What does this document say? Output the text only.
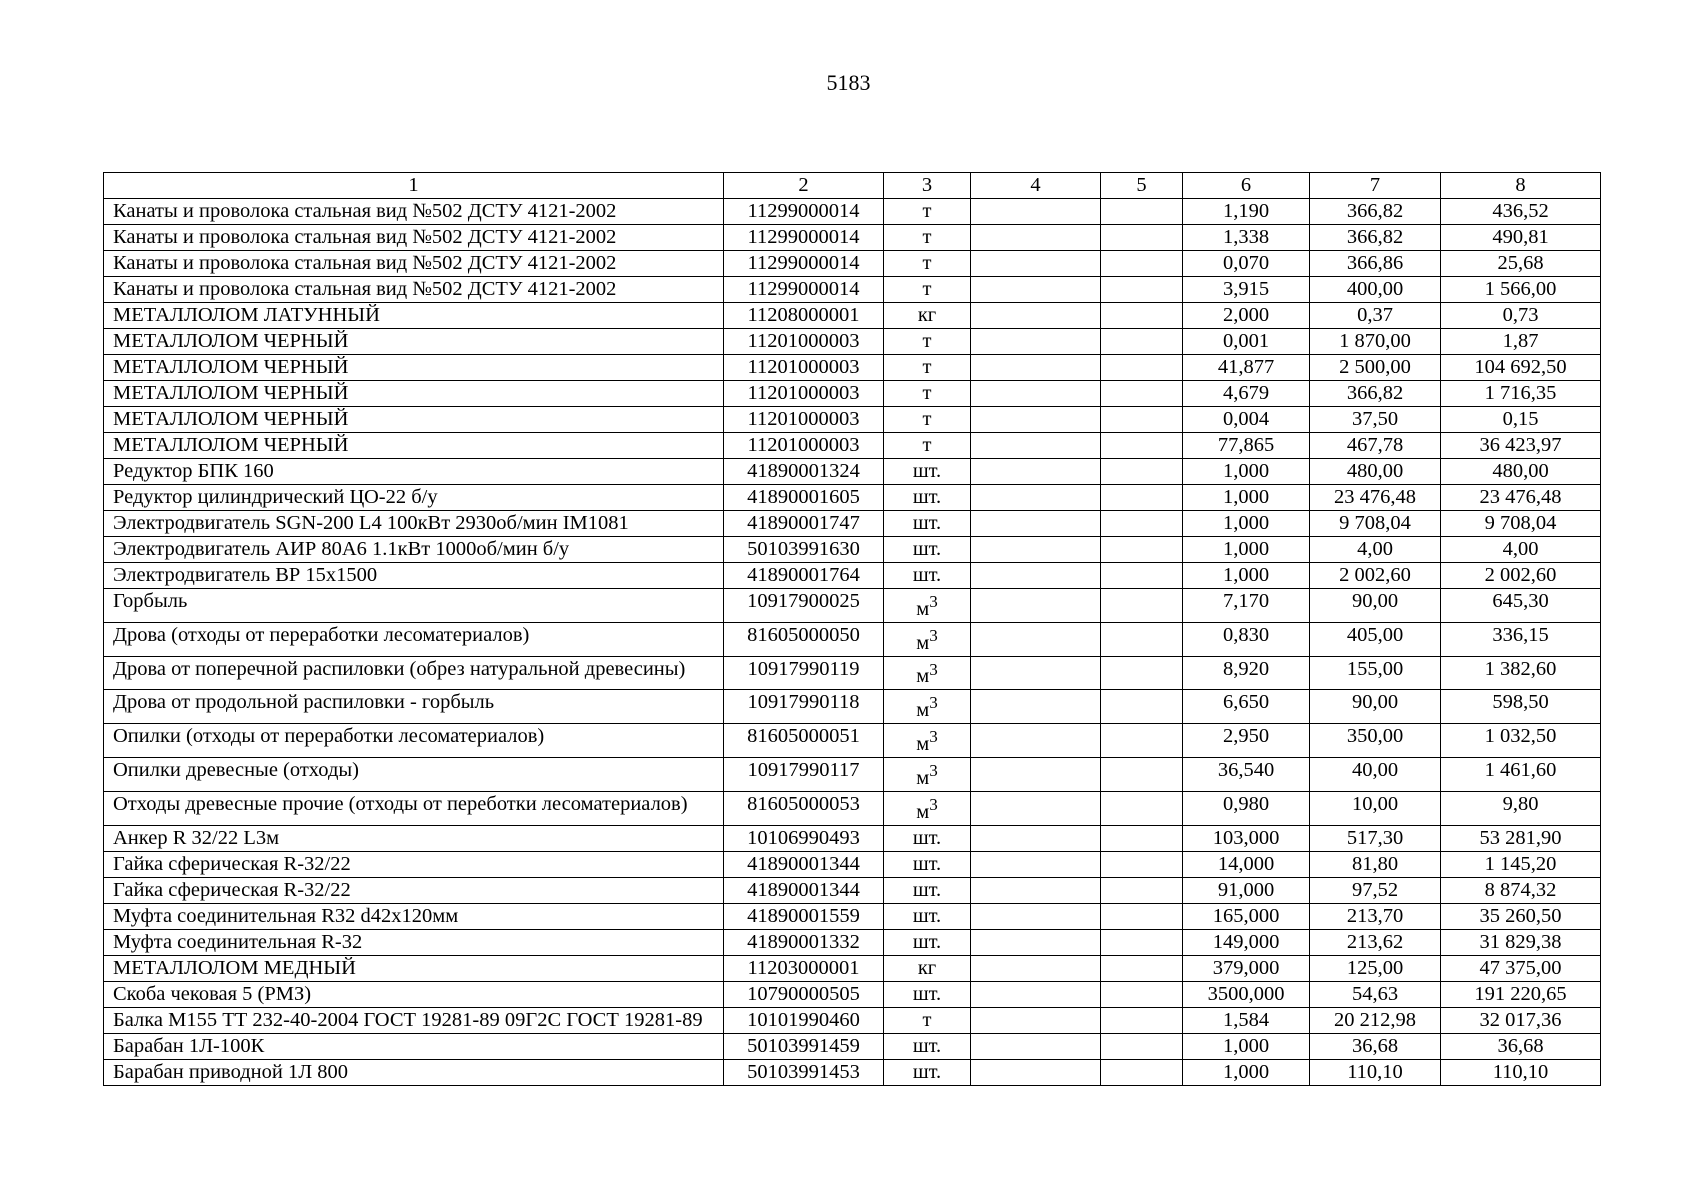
5183
1	2	3	4	5	6	7	8
Канаты и проволока стальная вид №502 ДСТУ 4121-2002	11299000014	т			1,190	366,82	436,52
Канаты и проволока стальная вид №502 ДСТУ 4121-2002	11299000014	т			1,338	366,82	490,81
Канаты и проволока стальная вид №502 ДСТУ 4121-2002	11299000014	т			0,070	366,86	25,68
Канаты и проволока стальная вид №502 ДСТУ 4121-2002	11299000014	т			3,915	400,00	1 566,00
МЕТАЛЛОЛОМ ЛАТУННЫЙ	11208000001	кг			2,000	0,37	0,73
МЕТАЛЛОЛОМ ЧЕРНЫЙ	11201000003	т			0,001	1 870,00	1,87
МЕТАЛЛОЛОМ ЧЕРНЫЙ	11201000003	т			41,877	2 500,00	104 692,50
МЕТАЛЛОЛОМ ЧЕРНЫЙ	11201000003	т			4,679	366,82	1 716,35
МЕТАЛЛОЛОМ ЧЕРНЫЙ	11201000003	т			0,004	37,50	0,15
МЕТАЛЛОЛОМ ЧЕРНЫЙ	11201000003	т			77,865	467,78	36 423,97
Редуктор БПК 160	41890001324	шт.			1,000	480,00	480,00
Редуктор цилиндрический ЦО-22 б/у	41890001605	шт.			1,000	23 476,48	23 476,48
Электродвигатель SGN-200 L4 100кВт 2930об/мин IM1081	41890001747	шт.			1,000	9 708,04	9 708,04
Электродвигатель АИР 80А6 1.1кВт 1000об/мин б/у	50103991630	шт.			1,000	4,00	4,00
Электродвигатель ВР 15х1500	41890001764	шт.			1,000	2 002,60	2 002,60
Горбыль	10917900025	$м^3$			7,170	90,00	645,30
Дрова (отходы от переработки лесоматериалов)	81605000050	$м^3$			0,830	405,00	336,15
Дрова от поперечной распиловки (обрез натуральной древесины)	10917990119	$м^3$			8,920	155,00	1 382,60
Дрова от продольной распиловки - горбыль	10917990118	$м^3$			6,650	90,00	598,50
Опилки (отходы от переработки лесоматериалов)	81605000051	$м^3$			2,950	350,00	1 032,50
Опилки древесные (отходы)	10917990117	$м^3$			36,540	40,00	1 461,60
Отходы древесные прочие (отходы от переботки лесоматериалов)	81605000053	$м^3$			0,980	10,00	9,80
Анкер R 32/22 L3м	10106990493	шт.			103,000	517,30	53 281,90
Гайка сферическая R-32/22	41890001344	шт.			14,000	81,80	1 145,20
Гайка сферическая R-32/22	41890001344	шт.			91,000	97,52	8 874,32
Муфта соединительная R32 d42х120мм	41890001559	шт.			165,000	213,70	35 260,50
Муфта соединительная R-32	41890001332	шт.			149,000	213,62	31 829,38
МЕТАЛЛОЛОМ МЕДНЫЙ	11203000001	кг			379,000	125,00	47 375,00
Скоба чековая 5 (РМЗ)	10790000505	шт.			3500,000	54,63	191 220,65
Балка М155 ТТ 232-40-2004 ГОСТ 19281-89 09Г2С ГОСТ 19281-89	10101990460	т			1,584	20 212,98	32 017,36
Барабан 1Л-100К	50103991459	шт.			1,000	36,68	36,68
Барабан приводной 1Л 800	50103991453	шт.			1,000	110,10	110,10
